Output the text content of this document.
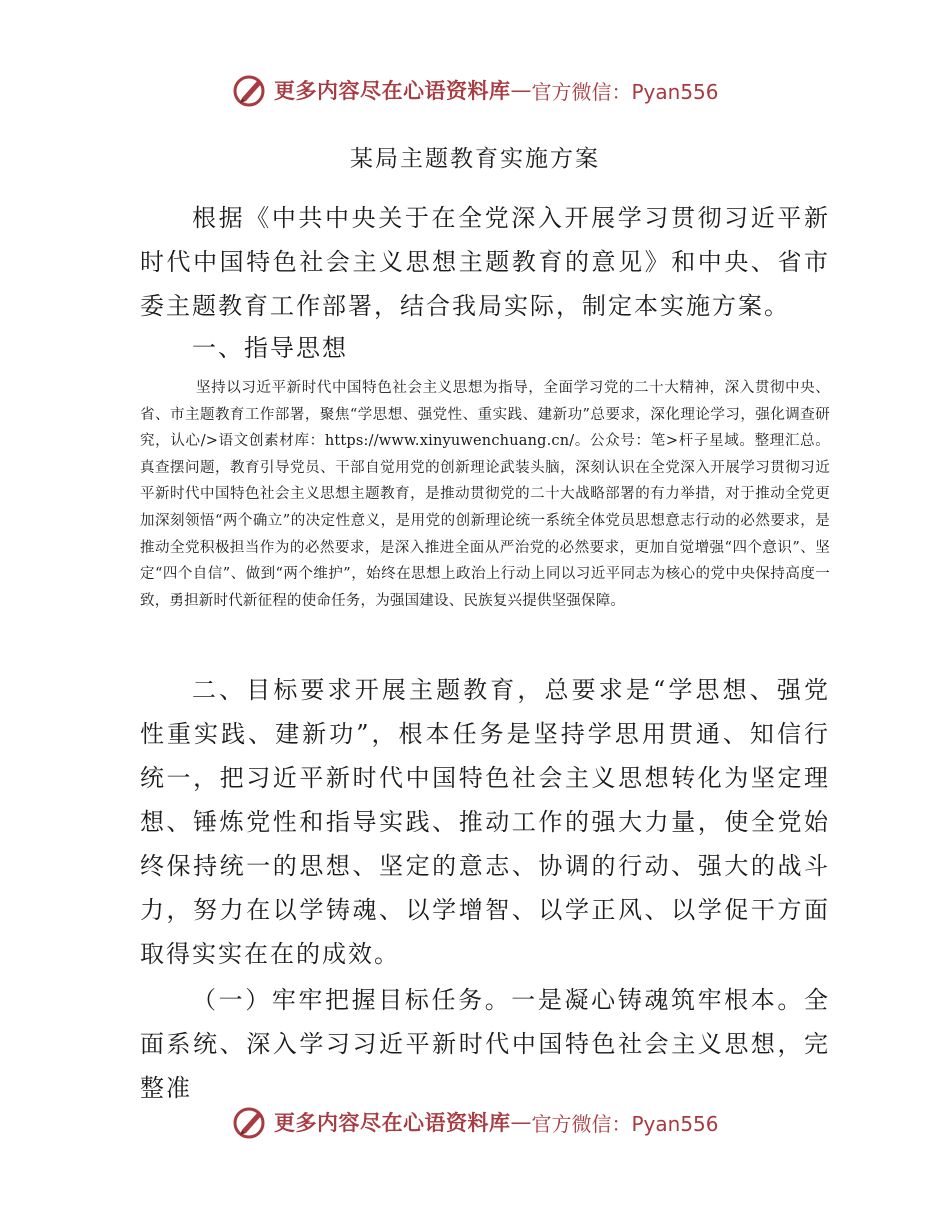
更多内容尽在心语资料库 — 官方微信：Pyan556
某局主题教育实施方案

根据《中共中央关于在全党深入开展学习贯彻习近平新时代中国特色社会主义思想主题教育的意见》和中央、省市委主题教育工作部署，结合我局实际，制定本实施方案。

一、指导思想

坚持以习近平新时代中国特色社会主义思想为指导，全面学习党的二十大精神，深入贯彻中央、省、市主题教育工作部署，聚焦“学思想、强党性、重实践、建新功”总要求，深化理论学习，强化调查研究，认心/>语文创素材库：https://www.xinyuwenchuang.cn/。公众号：笔>杆子星域。整理汇总。真查摆问题，教育引导党员、干部自觉用党的创新理论武装头脑，深刻认识在全党深入开展学习贯彻习近平新时代中国特色社会主义思想主题教育，是推动贯彻党的二十大战略部署的有力举措，对于推动全党更加深刻领悟“两个确立”的决定性意义，是用党的创新理论统一系统全体党员思想意志行动的必然要求，是推动全党积极担当作为的必然要求，是深入推进全面从严治党的必然要求，更加自觉增强“四个意识”、坚定“四个自信”、做到“两个维护”，始终在思想上政治上行动上同以习近平同志为核心的党中央保持高度一致，勇担新时代新征程的使命任务，为强国建设、民族复兴提供坚强保障。

二、目标要求开展主题教育，总要求是“学思想、强党性重实践、建新功”，根本任务是坚持学思用贯通、知信行统一，把习近平新时代中国特色社会主义思想转化为坚定理想、锤炼党性和指导实践、推动工作的强大力量，使全党始终保持统一的思想、坚定的意志、协调的行动、强大的战斗力，努力在以学铸魂、以学增智、以学正风、以学促干方面取得实实在在的成效。

（一）牢牢把握目标任务。一是凝心铸魂筑牢根本。全面系统、深入学习习近平新时代中国特色社会主义思想，完整准

更多内容尽在心语资料库 — 官方微信：Pyan556
